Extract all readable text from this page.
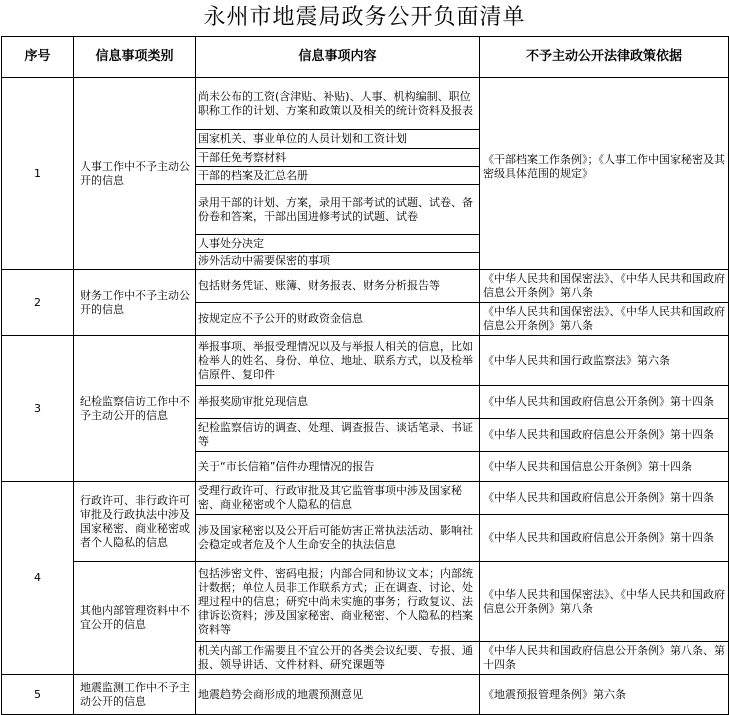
永州市地震局政务公开负面清单
序号	信息事项类别	信息事项内容	不予主动公开法律政策依据
1	人事工作中不予主动公开的信息	尚未公布的工资(含津贴、补贴)、人事、机构编制、职位职称工作的计划、方案和政策以及相关的统计资料及报表	《干部档案工作条例》；《人事工作中国家秘密及其密级具体范围的规定》
		国家机关、事业单位的人员计划和工资计划	
		干部任免考察材料	
		干部的档案及汇总名册	
		录用干部的计划、方案，录用干部考试的试题、试卷、备份卷和答案，干部出国进修考试的试题、试卷	
		人事处分决定	
		涉外活动中需要保密的事项	
2	财务工作中不予主动公开的信息	包括财务凭证、账簿、财务报表、财务分析报告等	《中华人民共和国保密法》、《中华人民共和国政府信息公开条例》第八条
		按规定应不予公开的财政资金信息	《中华人民共和国保密法》、《中华人民共和国政府信息公开条例》第八条
3	纪检监察信访工作中不予主动公开的信息	举报事项、举报受理情况以及与举报人相关的信息，比如检举人的姓名、身份、单位、地址、联系方式，以及检举信原件、复印件	《中华人民共和国行政监察法》第六条
		举报奖励审批兑现信息	《中华人民共和国政府信息公开条例》第十四条
		纪检监察信访的调查、处理、调查报告、谈话笔录、书证等	《中华人民共和国政府信息公开条例》第十四条
		关于“市长信箱”信件办理情况的报告	《中华人民共和国信息公开条例》第十四条
4	行政许可、非行政许可审批及行政执法中涉及国家秘密、商业秘密或者个人隐私的信息	受理行政许可、行政审批及其它监管事项中涉及国家秘密、商业秘密或个人隐私的信息	《中华人民共和国政府信息公开条例》第十四条
		涉及国家秘密以及公开后可能妨害正常执法活动、影响社会稳定或者危及个人生命安全的执法信息	《中华人民共和国政府信息公开条例》第十四条
	其他内部管理资料中不宜公开的信息	包括涉密文件、密码电报；内部合同和协议文本；内部统计数据；单位人员非工作联系方式；正在调查、讨论、处理过程中的信息；研究中尚未实施的事务；行政复议、法律诉讼资料；涉及国家秘密、商业秘密、个人隐私的档案资料等	《中华人民共和国保密法》、《中华人民共和国政府信息公开条例》第八条
		机关内部工作需要且不宜公开的各类会议纪要、专报、通报、领导讲话、文件材料、研究课题等	《中华人民共和国政府信息公开条例》第八条、第十四条
5	地震监测工作中不予主动公开的信息	地震趋势会商形成的地震预测意见	《地震预报管理条例》第六条
